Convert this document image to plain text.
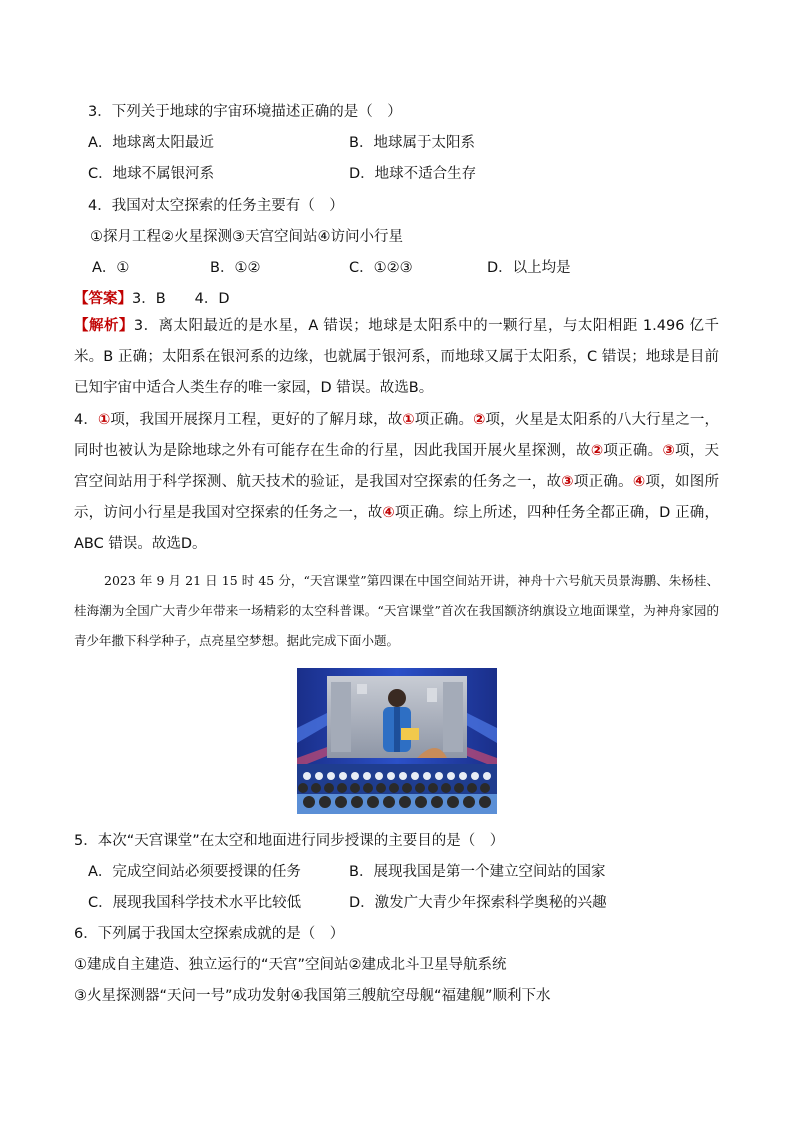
3．下列关于地球的宇宙环境描述正确的是（　）
A．地球离太阳最近	B．地球属于太阳系
C．地球不属银河系	D．地球不适合生存
4．我国对太空探索的任务主要有（　）
①探月工程②火星探测③天宫空间站④访问小行星
A．①	B．①②	C．①②③	D．以上均是
【答案】3．B　　4．D
【解析】3．离太阳最近的是水星，A 错误；地球是太阳系中的一颗行星，与太阳相距 1.496 亿千米。B 正确；太阳系在银河系的边缘，也就属于银河系，而地球又属于太阳系，C 错误；地球是目前已知宇宙中适合人类生存的唯一家园，D 错误。故选B。
4．①项，我国开展探月工程，更好的了解月球，故①项正确。②项，火星是太阳系的八大行星之一，同时也被认为是除地球之外有可能存在生命的行星，因此我国开展火星探测，故②项正确。③项，天宫空间站用于科学探测、航天技术的验证，是我国对空探索的任务之一，故③项正确。④项，如图所示，访问小行星是我国对空探索的任务之一，故④项正确。综上所述，四种任务全都正确，D 正确，ABC 错误。故选D。
2023 年 9 月 21 日 15 时 45 分，“天宫课堂”第四课在中国空间站开讲，神舟十六号航天员景海鹏、朱杨桂、桂海潮为全国广大青少年带来一场精彩的太空科普课。“天宫课堂”首次在我国额济纳旗设立地面课堂，为神舟家园的青少年撒下科学种子，点亮星空梦想。据此完成下面小题。
5．本次“天宫课堂”在太空和地面进行同步授课的主要目的是（　）
A．完成空间站必须要授课的任务	B．展现我国是第一个建立空间站的国家
C．展现我国科学技术水平比较低	D．激发广大青少年探索科学奥秘的兴趣
6．下列属于我国太空探索成就的是（　）
①建成自主建造、独立运行的“天宫”空间站②建成北斗卫星导航系统
③火星探测器“天问一号”成功发射④我国第三艘航空母舰“福建舰”顺利下水
